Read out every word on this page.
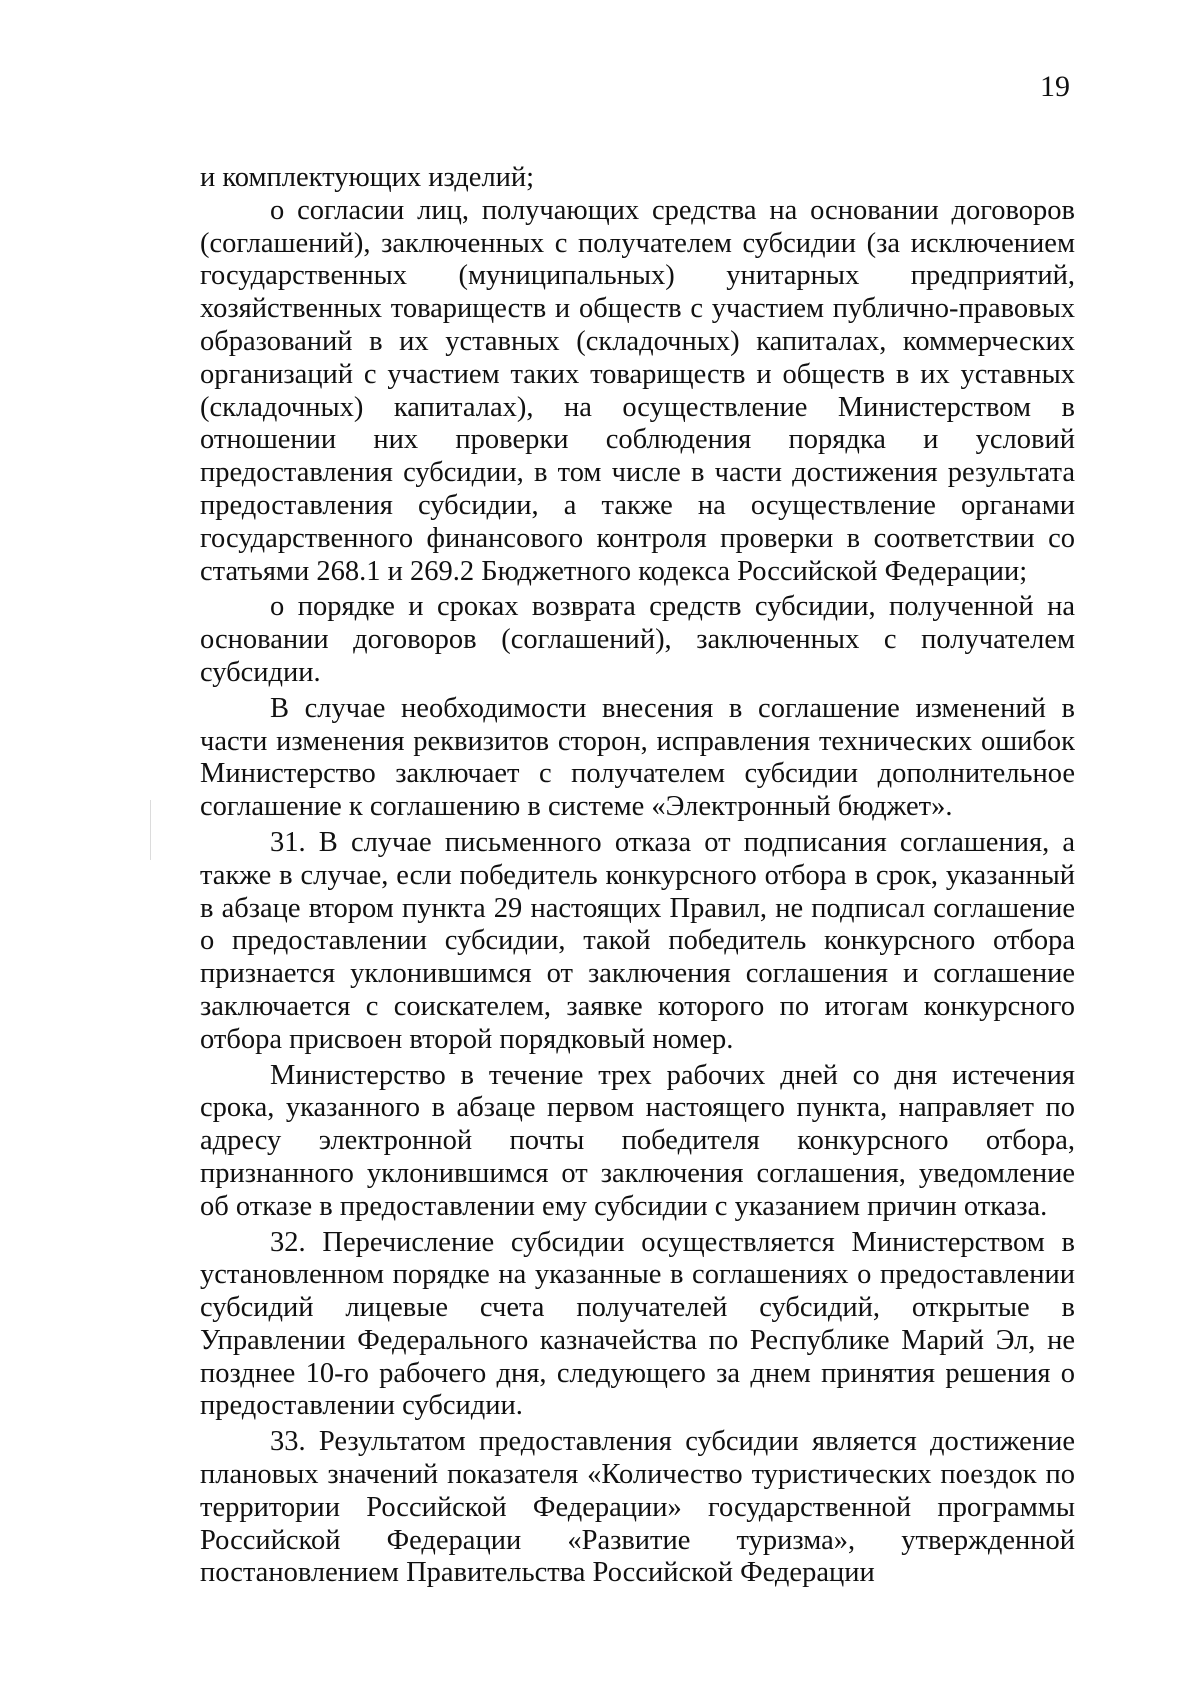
19

и комплектующих изделий;

о согласии лиц, получающих средства на основании договоров (соглашений), заключенных с получателем субсидии (за исключением государственных (муниципальных) унитарных предприятий, хозяйственных товариществ и обществ с участием публично-правовых образований в их уставных (складочных) капиталах, коммерческих организаций с участием таких товариществ и обществ в их уставных (складочных) капиталах), на осуществление Министерством в отношении них проверки соблюдения порядка и условий предоставления субсидии, в том числе в части достижения результата предоставления субсидии, а также на осуществление органами государственного финансового контроля проверки в соответствии со статьями 268.1 и 269.2 Бюджетного кодекса Российской Федерации;

о порядке и сроках возврата средств субсидии, полученной на основании договоров (соглашений), заключенных с получателем субсидии.

В случае необходимости внесения в соглашение изменений в части изменения реквизитов сторон, исправления технических ошибок Министерство заключает с получателем субсидии дополнительное соглашение к соглашению в системе «Электронный бюджет».

31. В случае письменного отказа от подписания соглашения, а также в случае, если победитель конкурсного отбора в срок, указанный в абзаце втором пункта 29 настоящих Правил, не подписал соглашение о предоставлении субсидии, такой победитель конкурсного отбора признается уклонившимся от заключения соглашения и соглашение заключается с соискателем, заявке которого по итогам конкурсного отбора присвоен второй порядковый номер.

Министерство в течение трех рабочих дней со дня истечения срока, указанного в абзаце первом настоящего пункта, направляет по адресу электронной почты победителя конкурсного отбора, признанного уклонившимся от заключения соглашения, уведомление об отказе в предоставлении ему субсидии с указанием причин отказа.

32. Перечисление субсидии осуществляется Министерством в установленном порядке на указанные в соглашениях о предоставлении субсидий лицевые счета получателей субсидий, открытые в Управлении Федерального казначейства по Республике Марий Эл, не позднее 10-го рабочего дня, следующего за днем принятия решения о предоставлении субсидии.

33. Результатом предоставления субсидии является достижение плановых значений показателя «Количество туристических поездок по территории Российской Федерации» государственной программы Российской Федерации «Развитие туризма», утвержденной постановлением Правительства Российской Федерации
